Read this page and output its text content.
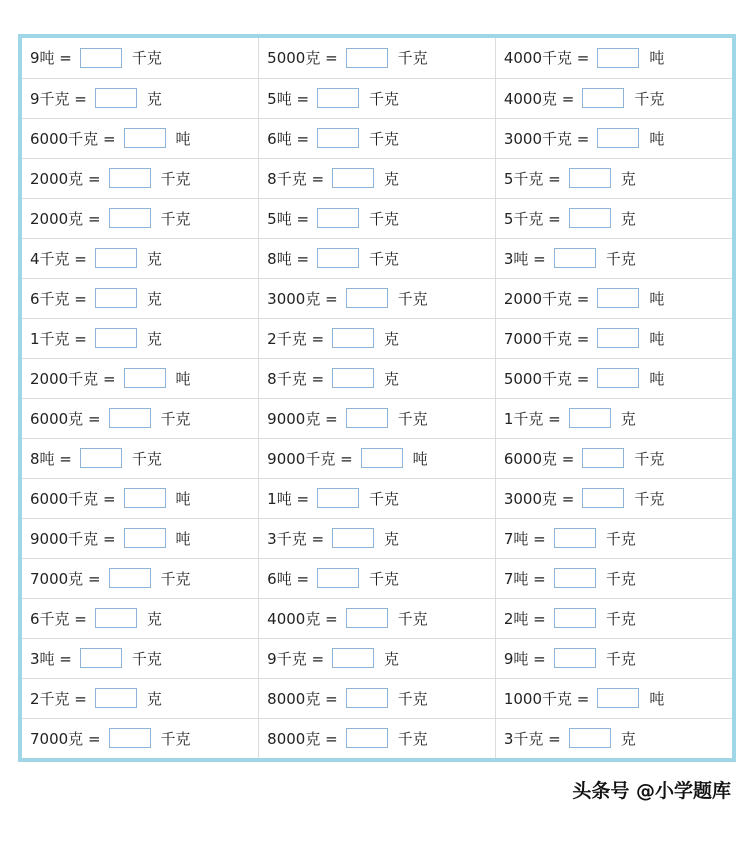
9吨 = 千克	5000克 = 千克	4000千克 = 吨
9千克 = 克	5吨 = 千克	4000克 = 千克
6000千克 = 吨	6吨 = 千克	3000千克 = 吨
2000克 = 千克	8千克 = 克	5千克 = 克
2000克 = 千克	5吨 = 千克	5千克 = 克
4千克 = 克	8吨 = 千克	3吨 = 千克
6千克 = 克	3000克 = 千克	2000千克 = 吨
1千克 = 克	2千克 = 克	7000千克 = 吨
2000千克 = 吨	8千克 = 克	5000千克 = 吨
6000克 = 千克	9000克 = 千克	1千克 = 克
8吨 = 千克	9000千克 = 吨	6000克 = 千克
6000千克 = 吨	1吨 = 千克	3000克 = 千克
9000千克 = 吨	3千克 = 克	7吨 = 千克
7000克 = 千克	6吨 = 千克	7吨 = 千克
6千克 = 克	4000克 = 千克	2吨 = 千克
3吨 = 千克	9千克 = 克	9吨 = 千克
2千克 = 克	8000克 = 千克	1000千克 = 吨
7000克 = 千克	8000克 = 千克	3千克 = 克
头条号 @小学题库
